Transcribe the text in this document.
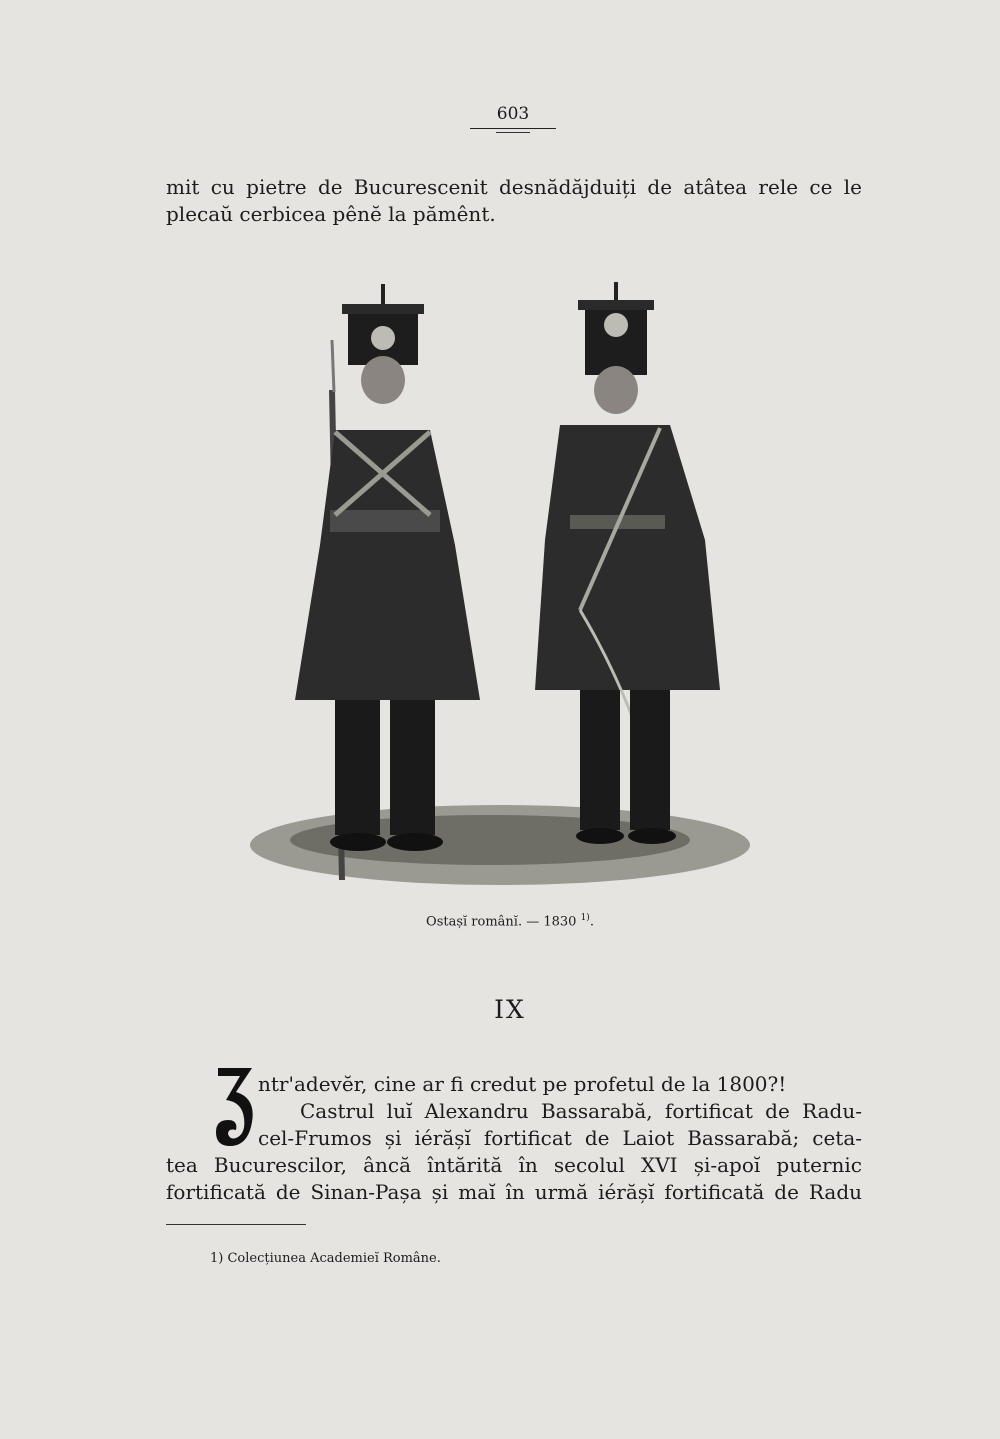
603
mit cu pietre de Bucurescenit desnădăjduiți de atâtea rele ce le
plecaŭ cerbicea pênĕ la pămênt.
Ostașĭ românĭ. — 1830 $^{1)}$.
IX
ntr'adevĕr, cine ar fi credut pe profetul de la 1800?!
Castrul luĭ Alexandru Bassarabă, fortificat de Radu-
cel-Frumos și iérășĭ fortificat de Laiot Bassarabă; ceta-
tea Bucurescilor, âncă întărită în secolul XVI și-apoĭ puternic
fortificată de Sinan-Pașa și maĭ în urmă iérășĭ fortificată de Radu
1) Colecțiunea Academieĭ Române.
